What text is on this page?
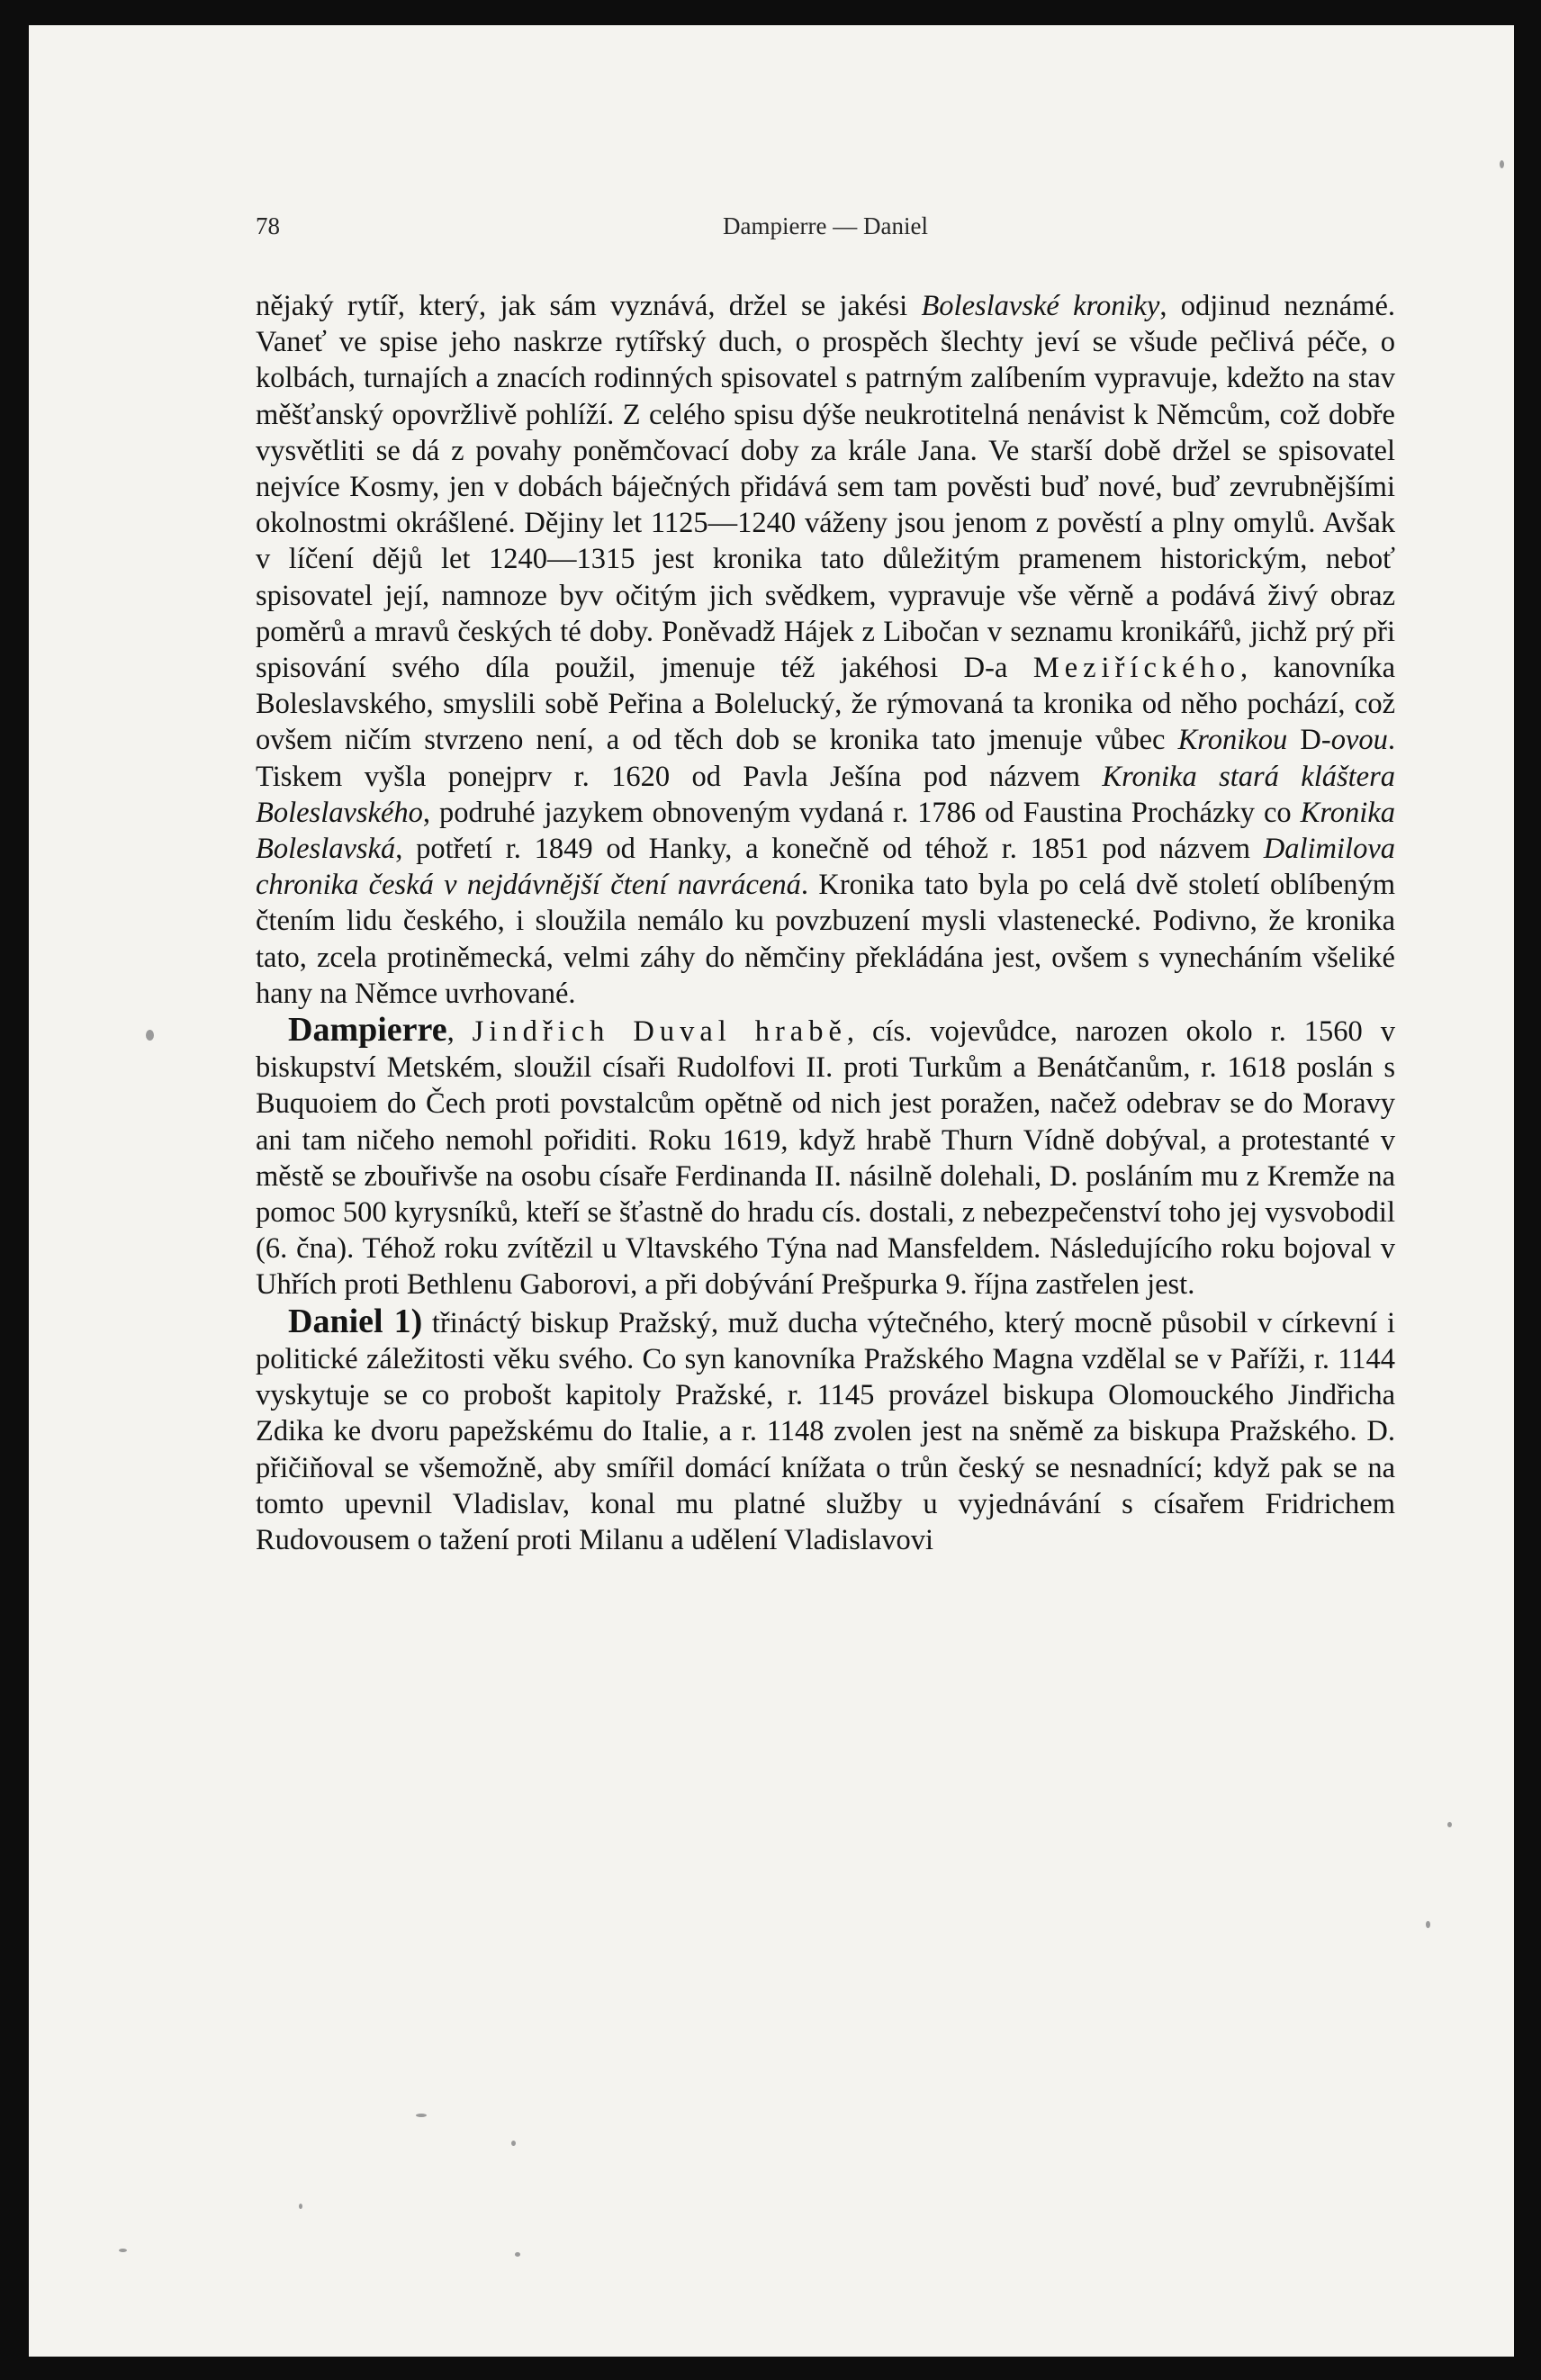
78	Dampierre — Daniel

nějaký rytíř, který, jak sám vyznává, držel se jakési Boleslavské kroniky, odjinud neznámé. Vaneť ve spise jeho naskrze rytířský duch, o prospěch šlechty jeví se všude pečlivá péče, o kolbách, turnajích a znacích rodinných spisovatel s patrným zalíbením vypravuje, kdežto na stav měšťanský opovržlivě pohlíží. Z celého spisu dýše neukrotitelná nenávist k Němcům, což dobře vysvětliti se dá z povahy poněmčovací doby za krále Jana. Ve starší době držel se spisovatel nejvíce Kosmy, jen v dobách báječných přidává sem tam pověsti buď nové, buď zevrubnějšími okolnostmi okrášlené. Dějiny let 1125—1240 váženy jsou jenom z pověstí a plny omylů. Avšak v líčení dějů let 1240—1315 jest kronika tato důležitým pramenem historickým, neboť spisovatel její, namnoze byv očitým jich svědkem, vypravuje vše věrně a podává živý obraz poměrů a mravů českých té doby. Poněvadž Hájek z Libočan v seznamu kronikářů, jichž prý při spisování svého díla použil, jmenuje též jakéhosi D-a Meziříckého, kanovníka Boleslavského, smyslili sobě Peřina a Bolelucký, že rýmovaná ta kronika od něho pochází, což ovšem ničím stvrzeno není, a od těch dob se kronika tato jmenuje vůbec Kronikou D-ovou. Tiskem vyšla ponejprv r. 1620 od Pavla Ješína pod názvem Kronika stará kláštera Boleslavského, podruhé jazykem obnoveným vydaná r. 1786 od Faustina Procházky co Kronika Boleslavská, potřetí r. 1849 od Hanky, a konečně od téhož r. 1851 pod názvem Dalimilova chronika česká v nejdávnější čtení navrácená. Kronika tato byla po celá dvě století oblíbeným čtením lidu českého, i sloužila nemálo ku povzbuzení mysli vlastenecké. Podivno, že kronika tato, zcela protiněmecká, velmi záhy do němčiny překládána jest, ovšem s vynecháním všeliké hany na Němce uvrhované.

Dampierre, Jindřich Duval hrabě, cís. vojevůdce, narozen okolo r. 1560 v biskupství Metském, sloužil císaři Rudolfovi II. proti Turkům a Benátčanům, r. 1618 poslán s Buquoiem do Čech proti povstalcům opětně od nich jest poražen, načež odebrav se do Moravy ani tam ničeho nemohl pořiditi. Roku 1619, když hrabě Thurn Vídně dobýval, a protestanté v městě se zbouřivše na osobu císaře Ferdinanda II. násilně dolehali, D. posláním mu z Kremže na pomoc 500 kyrysníků, kteří se šťastně do hradu cís. dostali, z nebezpečenství toho jej vysvobodil (6. čna). Téhož roku zvítězil u Vltavského Týna nad Mansfeldem. Následujícího roku bojoval v Uhřích proti Bethlenu Gaborovi, a při dobývání Prešpurka 9. října zastřelen jest.

Daniel 1) třináctý biskup Pražský, muž ducha výtečného, který mocně působil v církevní i politické záležitosti věku svého. Co syn kanovníka Pražského Magna vzdělal se v Paříži, r. 1144 vyskytuje se co probošt kapitoly Pražské, r. 1145 provázel biskupa Olomouckého Jindřicha Zdika ke dvoru papežskému do Italie, a r. 1148 zvolen jest na sněmě za biskupa Pražského. D. přičiňoval se všemožně, aby smířil domácí knížata o trůn český se nesnadnící; když pak se na tomto upevnil Vladislav, konal mu platné služby u vyjednávání s císařem Fridrichem Rudovousem o tažení proti Milanu a udělení Vladislavovi
